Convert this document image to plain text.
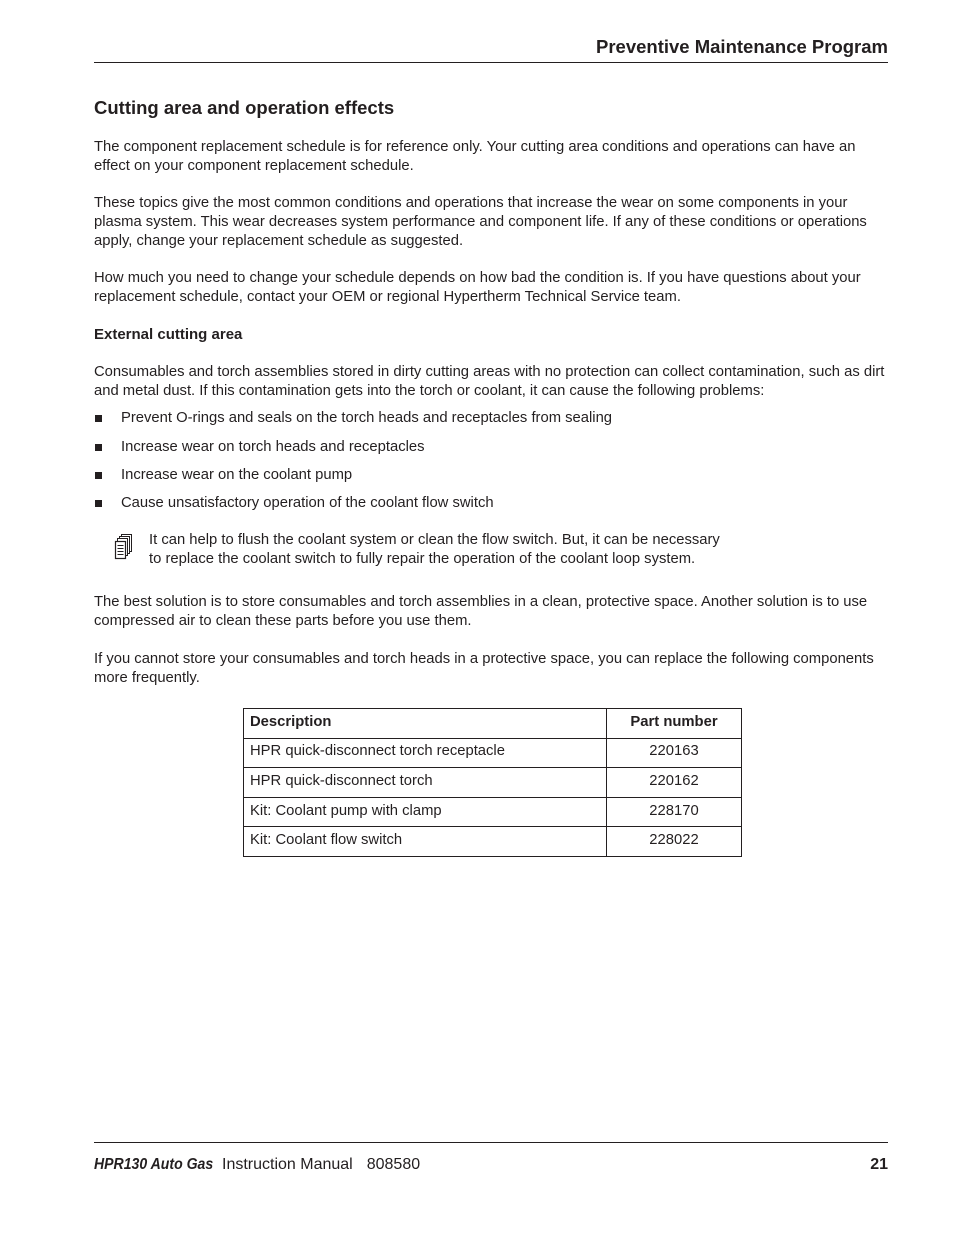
Preventive Maintenance Program
Cutting area and operation effects
The component replacement schedule is for reference only. Your cutting area conditions and operations can have an
effect on your component replacement schedule.
These topics give the most common conditions and operations that increase the wear on some components in your
plasma system. This wear decreases system performance and component life. If any of these conditions or operations
apply, change your replacement schedule as suggested.
How much you need to change your schedule depends on how bad the condition is. If you have questions about your
replacement schedule, contact your OEM or regional Hypertherm Technical Service team.
External cutting area
Consumables and torch assemblies stored in dirty cutting areas with no protection can collect contamination, such as dirt
and metal dust. If this contamination gets into the torch or coolant, it can cause the following problems:
Prevent O-rings and seals on the torch heads and receptacles from sealing
Increase wear on torch heads and receptacles
Increase wear on the coolant pump
Cause unsatisfactory operation of the coolant flow switch
It can help to flush the coolant system or clean the flow switch. But, it can be necessary
to replace the coolant switch to fully repair the operation of the coolant loop system.
The best solution is to store consumables and torch assemblies in a clean, protective space. Another solution is to use
compressed air to clean these parts before you use them.
If you cannot store your consumables and torch heads in a protective space, you can replace the following components
more frequently.
Description	Part number
HPR quick-disconnect torch receptacle	220163
HPR quick-disconnect torch	220162
Kit: Coolant pump with clamp	228170
Kit: Coolant flow switch	228022
HPR130 Auto Gas Instruction Manual 808580	21
